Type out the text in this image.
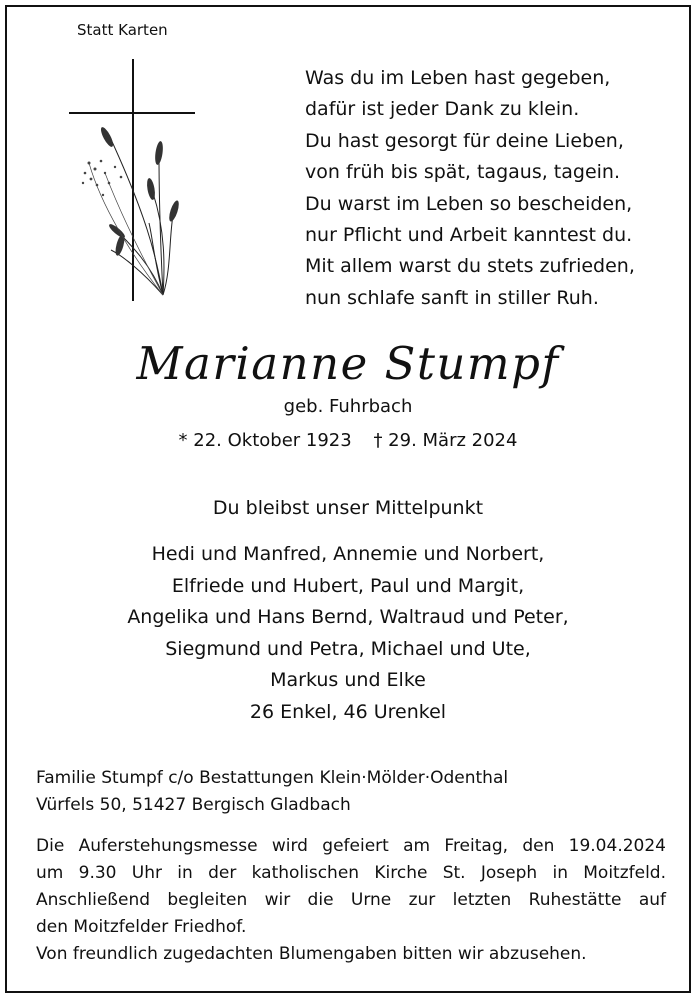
Statt Karten
Was du im Leben hast gegeben,
dafür ist jeder Dank zu klein.
Du hast gesorgt für deine Lieben,
von früh bis spät, tagaus, tagein.
Du warst im Leben so bescheiden,
nur Pflicht und Arbeit kanntest du.
Mit allem warst du stets zufrieden,
nun schlafe sanft in stiller Ruh.
Marianne Stumpf
geb. Fuhrbach
* 22. Oktober 1923 † 29. März 2024
Du bleibst unser Mittelpunkt
Hedi und Manfred, Annemie und Norbert,
Elfriede und Hubert, Paul und Margit,
Angelika und Hans Bernd, Waltraud und Peter,
Siegmund und Petra, Michael und Ute,
Markus und Elke
26 Enkel, 46 Urenkel
Familie Stumpf c/o Bestattungen Klein·Mölder·Odenthal
Vürfels 50, 51427 Bergisch Gladbach
Die Auferstehungsmesse wird gefeiert am Freitag, den 19.04.2024
um 9.30 Uhr in der katholischen Kirche St. Joseph in Moitzfeld.
Anschließend begleiten wir die Urne zur letzten Ruhestätte auf
den Moitzfelder Friedhof.
Von freundlich zugedachten Blumengaben bitten wir abzusehen.
